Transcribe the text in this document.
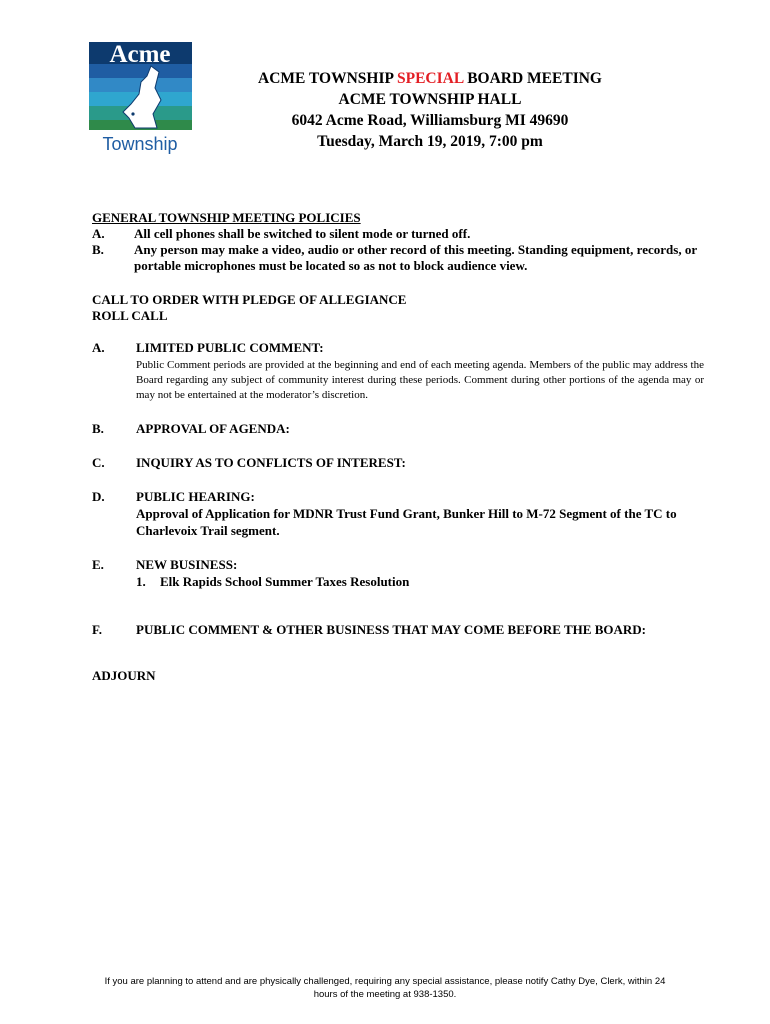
Acme
Township
ACME TOWNSHIP SPECIAL BOARD MEETING
ACME TOWNSHIP HALL
6042 Acme Road, Williamsburg MI 49690
Tuesday, March 19, 2019, 7:00 pm
GENERAL TOWNSHIP MEETING POLICIES
A.	All cell phones shall be switched to silent mode or turned off.
B.	Any person may make a video, audio or other record of this meeting. Standing equipment, records, or portable microphones must be located so as not to block audience view.
CALL TO ORDER WITH PLEDGE OF ALLEGIANCE
ROLL CALL
A.	LIMITED PUBLIC COMMENT:
Public Comment periods are provided at the beginning and end of each meeting agenda. Members of the public may address the Board regarding any subject of community interest during these periods. Comment during other portions of the agenda may or may not be entertained at the moderator’s discretion.
B.	APPROVAL OF AGENDA:
C.	INQUIRY AS TO CONFLICTS OF INTEREST:
D.	PUBLIC HEARING:
Approval of Application for MDNR Trust Fund Grant, Bunker Hill to M-72 Segment of the TC to Charlevoix Trail segment.
E.	NEW BUSINESS:
1.	Elk Rapids School Summer Taxes Resolution
F.	PUBLIC COMMENT & OTHER BUSINESS THAT MAY COME BEFORE THE BOARD:
ADJOURN
If you are planning to attend and are physically challenged, requiring any special assistance, please notify Cathy Dye, Clerk, within 24
hours of the meeting at 938-1350.
